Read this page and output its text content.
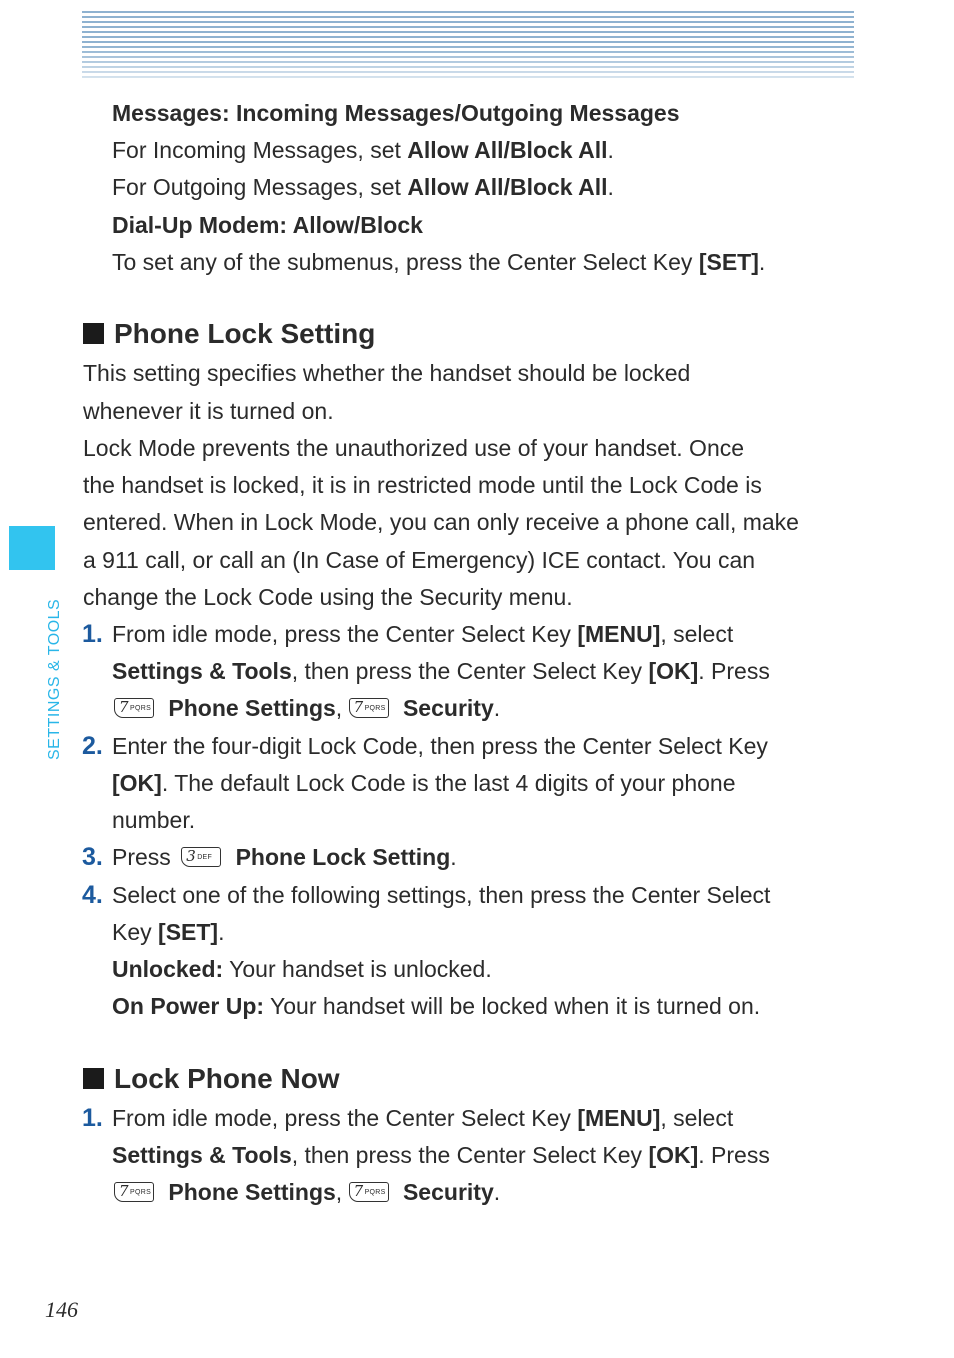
SETTINGS & TOOLS
Messages: Incoming Messages/Outgoing Messages
For Incoming Messages, set Allow All/Block All.
For Outgoing Messages, set Allow All/Block All.
Dial-Up Modem: Allow/Block
To set any of the submenus, press the Center Select Key [SET].
Phone Lock Setting
This setting specifies whether the handset should be locked
whenever it is turned on.
Lock Mode prevents the unauthorized use of your handset. Once
the handset is locked, it is in restricted mode until the Lock Code is
entered. When in Lock Mode, you can only receive a phone call, make
a 911 call, or call an (In Case of Emergency) ICE contact. You can
change the Lock Code using the Security menu.
1. From idle mode, press the Center Select Key [MENU], select
Settings & Tools, then press the Center Select Key [OK]. Press
7 PQRS Phone Settings, 7 PQRS Security.
2. Enter the four-digit Lock Code, then press the Center Select Key
[OK]. The default Lock Code is the last 4 digits of your phone
number.
3. Press 3 DEF Phone Lock Setting.
4. Select one of the following settings, then press the Center Select
Key [SET].
Unlocked: Your handset is unlocked.
On Power Up: Your handset will be locked when it is turned on.
Lock Phone Now
1. From idle mode, press the Center Select Key [MENU], select
Settings & Tools, then press the Center Select Key [OK]. Press
7 PQRS Phone Settings, 7 PQRS Security.
146
